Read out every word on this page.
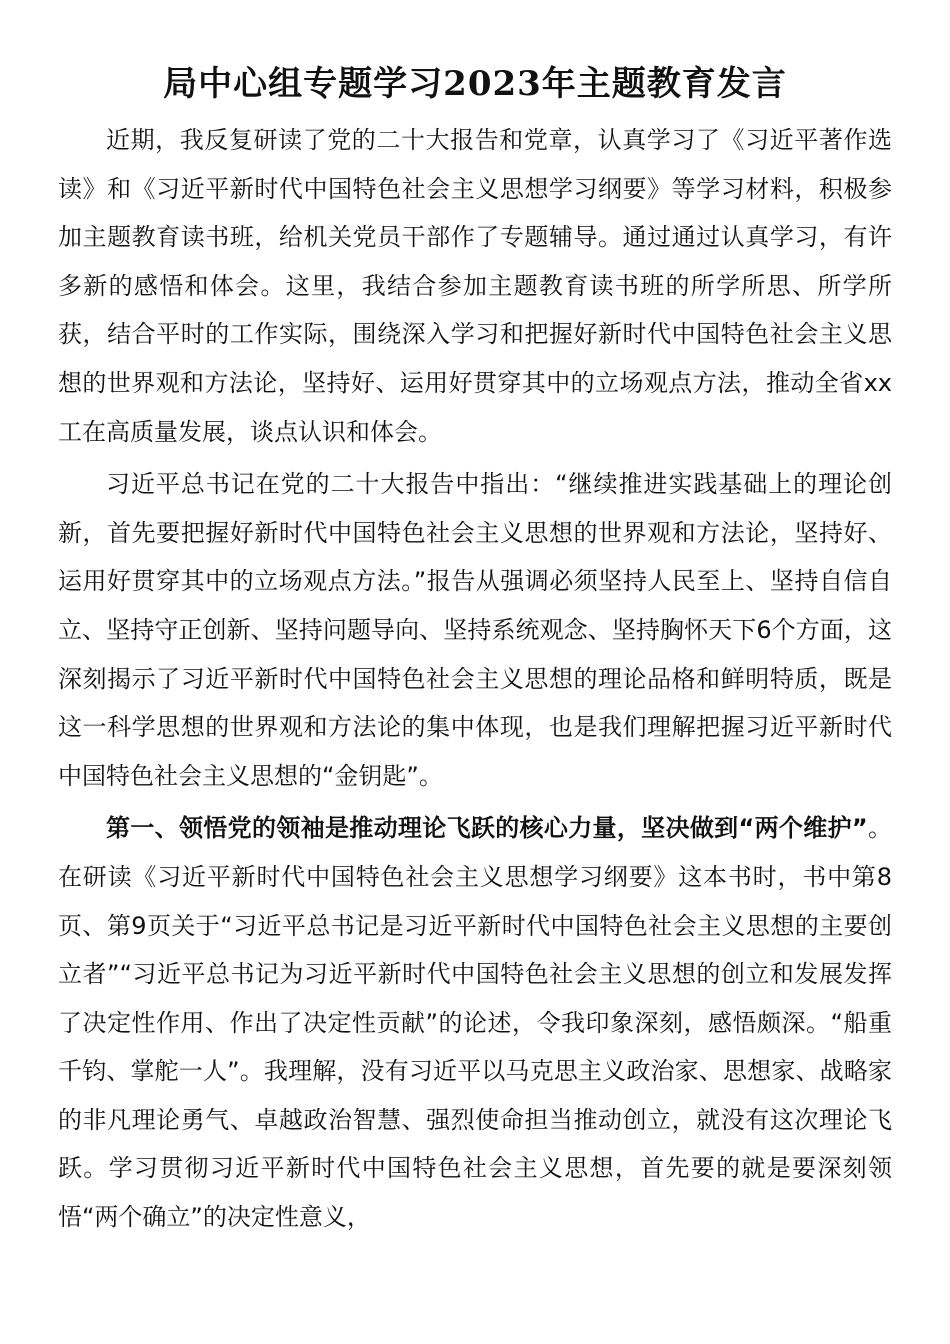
局中心组专题学习2023年主题教育发言

近期，我反复研读了党的二十大报告和党章，认真学习了《习近平著作选读》和《习近平新时代中国特色社会主义思想学习纲要》等学习材料，积极参加主题教育读书班，给机关党员干部作了专题辅导。通过通过认真学习，有许多新的感悟和体会。这里，我结合参加主题教育读书班的所学所思、所学所获，结合平时的工作实际，围绕深入学习和把握好新时代中国特色社会主义思想的世界观和方法论，坚持好、运用好贯穿其中的立场观点方法，推动全省xx工在高质量发展，谈点认识和体会。

习近平总书记在党的二十大报告中指出：“继续推进实践基础上的理论创新，首先要把握好新时代中国特色社会主义思想的世界观和方法论，坚持好、运用好贯穿其中的立场观点方法。”报告从强调必须坚持人民至上、坚持自信自立、坚持守正创新、坚持问题导向、坚持系统观念、坚持胸怀天下6个方面，这深刻揭示了习近平新时代中国特色社会主义思想的理论品格和鲜明特质，既是这一科学思想的世界观和方法论的集中体现，也是我们理解把握习近平新时代中国特色社会主义思想的“金钥匙”。

第一、领悟党的领袖是推动理论飞跃的核心力量，坚决做到“两个维护”。在研读《习近平新时代中国特色社会主义思想学习纲要》这本书时，书中第8页、第9页关于“习近平总书记是习近平新时代中国特色社会主义思想的主要创立者”“习近平总书记为习近平新时代中国特色社会主义思想的创立和发展发挥了决定性作用、作出了决定性贡献”的论述，令我印象深刻，感悟颇深。“船重千钧、掌舵一人”。我理解，没有习近平以马克思主义政治家、思想家、战略家的非凡理论勇气、卓越政治智慧、强烈使命担当推动创立，就没有这次理论飞跃。学习贯彻习近平新时代中国特色社会主义思想，首先要的就是要深刻领悟“两个确立”的决定性意义，
